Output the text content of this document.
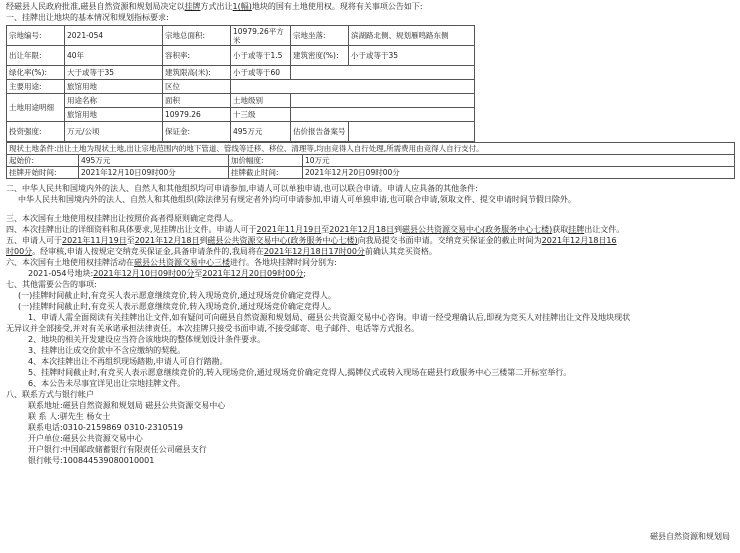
经磁县人民政府批准,磁县自然资源和规划局决定以挂牌方式出让1(幅)地块的国有土地使用权。现将有关事项公告如下:

一、挂牌出让地块的基本情况和规划指标要求:

宗地编号:	2021-054	宗地总面积:	10979.26平方米	宗地坐落:	滨湖路北侧、规划雁鸣路东侧
出让年限:	40年	容积率:	小于或等于1.5	建筑密度(%):	小于或等于35
绿化率(%):	大于或等于35	建筑限高(米):	小于或等于60		
主要用途:	旅馆用地	区位			
土地用途明细	用途名称	面积	土地级别		
	旅馆用地	10979.26	十三级		
投资强度:	万元/公顷	保证金:	495万元	估价报告备案号	
现状土地条件:出让土地为现状土地,出让宗地范围内的地下管道、管线等迁移、移位、清理等,均由竞得人自行处理,所需费用由竞得人自行支付。			
起始价:	495万元	加价幅度:	10万元
挂牌开始时间:	2021年12月10日09时00分	挂牌截止时间:	2021年12月20日09时00分

二、中华人民共和国境内外的法人、自然人和其他组织均可申请参加,申请人可以单独申请,也可以联合申请。申请人应具备的其他条件:

中华人民共和国境内外的法人、自然人和其他组织(除法律另有规定者外)均可申请参加,申请人可单独申请,也可联合申请,领取文件、提交申请时间节假日除外。

三、本次国有土地使用权挂牌出让按照价高者得原则确定竞得人。

四、本次挂牌出让的详细资料和具体要求,见挂牌出让文件。申请人可于2021年11月19日至2021年12月18日到磁县公共资源交易中心(政务服务中心七楼)获取挂牌出让文件。

五、申请人可于2021年11月19日至2021年12月18日到磁县公共资源交易中心(政务服务中心七楼)向我局提交书面申请。交纳竞买保证金的截止时间为2021年12月18日16

时00分。经审核,申请人按规定交纳竞买保证金,具备申请条件的,我局将在2021年12月18日17时00分前确认其竞买资格。

六、本次国有土地使用权挂牌活动在磁县公共资源交易中心三楼进行。各地块挂牌时间分别为:

2021-054号地块:2021年12月10日09时00分至2021年12月20日09时00分;

七、其他需要公告的事项:

(一)挂牌时间截止时,有竞买人表示愿意继续竞价,转入现场竞价,通过现场竞价确定竞得人。

(一)挂牌时间截止时,有竞买人表示愿意继续竞价,转入现场竞价,通过现场竞价确定竞得人。

1、申请人需全面阅读有关挂牌出让文件,如有疑问可向磁县自然资源和规划局、磁县公共资源交易中心咨询。申请一经受理确认后,即视为竞买人对挂牌出让文件及地块现状

无异议并全部接受,并对有关承诺承担法律责任。本次挂牌只接受书面申请,不接受邮寄、电子邮件、电话等方式报名。

2、地块的相关开发建设应当符合该地块的整体规划设计条件要求。

3、挂牌出让成交价款中不含应缴纳的契税。

4、本次挂牌出让不再组织现场踏勘,申请人可自行踏勘。

5、挂牌时间截止时,有竞买人表示愿意继续竞价的,转入现场竞价,通过现场竞价确定竞得人,揭牌仪式或转入现场在磁县行政服务中心三楼第二开标室举行。

6、本公告未尽事宜详见出让宗地挂牌文件。

八、联系方式与银行帐户

联系地址:磁县自然资源和规划局 磁县公共资源交易中心

联 系 人:骈先生 杨女士

联系电话:0310-2159869 0310-2310519

开户单位:磁县公共资源交易中心

开户银行:中国邮政储蓄银行有限责任公司磁县支行

银行帐号:100844539080010001

磁县自然资源和规划局
